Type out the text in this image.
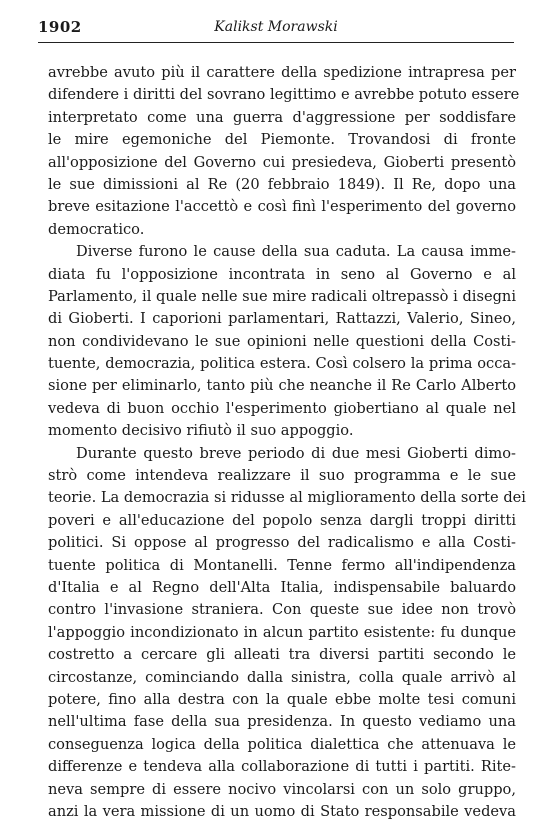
1902	Kalikst Morawski
avrebbe avuto più il carattere della spedizione intrapresa per
difendere i diritti del sovrano legittimo e avrebbe potuto essere
interpretato come una guerra d'aggressione per soddisfare
le mire egemoniche del Piemonte. Trovandosi di fronte
all'opposizione del Governo cui presiedeva, Gioberti presentò
le sue dimissioni al Re (20 febbraio 1849). Il Re, dopo una
breve esitazione l'accettò e così finì l'esperimento del governo
democratico.
Diverse furono le cause della sua caduta. La causa imme-
diata fu l'opposizione incontrata in seno al Governo e al
Parlamento, il quale nelle sue mire radicali oltrepassò i disegni
di Gioberti. I caporioni parlamentari, Rattazzi, Valerio, Sineo,
non condividevano le sue opinioni nelle questioni della Costi-
tuente, democrazia, politica estera. Così colsero la prima occa-
sione per eliminarlo, tanto più che neanche il Re Carlo Alberto
vedeva di buon occhio l'esperimento giobertiano al quale nel
momento decisivo rifiutò il suo appoggio.
Durante questo breve periodo di due mesi Gioberti dimo-
strò come intendeva realizzare il suo programma e le sue
teorie. La democrazia si ridusse al miglioramento della sorte dei
poveri e all'educazione del popolo senza dargli troppi diritti
politici. Si oppose al progresso del radicalismo e alla Costi-
tuente politica di Montanelli. Tenne fermo all'indipendenza
d'Italia e al Regno dell'Alta Italia, indispensabile baluardo
contro l'invasione straniera. Con queste sue idee non trovò
l'appoggio incondizionato in alcun partito esistente: fu dunque
costretto a cercare gli alleati tra diversi partiti secondo le
circostanze, cominciando dalla sinistra, colla quale arrivò al
potere, fino alla destra con la quale ebbe molte tesi comuni
nell'ultima fase della sua presidenza. In questo vediamo una
conseguenza logica della politica dialettica che attenuava le
differenze e tendeva alla collaborazione di tutti i partiti. Rite-
neva sempre di essere nocivo vincolarsi con un solo gruppo,
anzi la vera missione di un uomo di Stato responsabile vedeva
